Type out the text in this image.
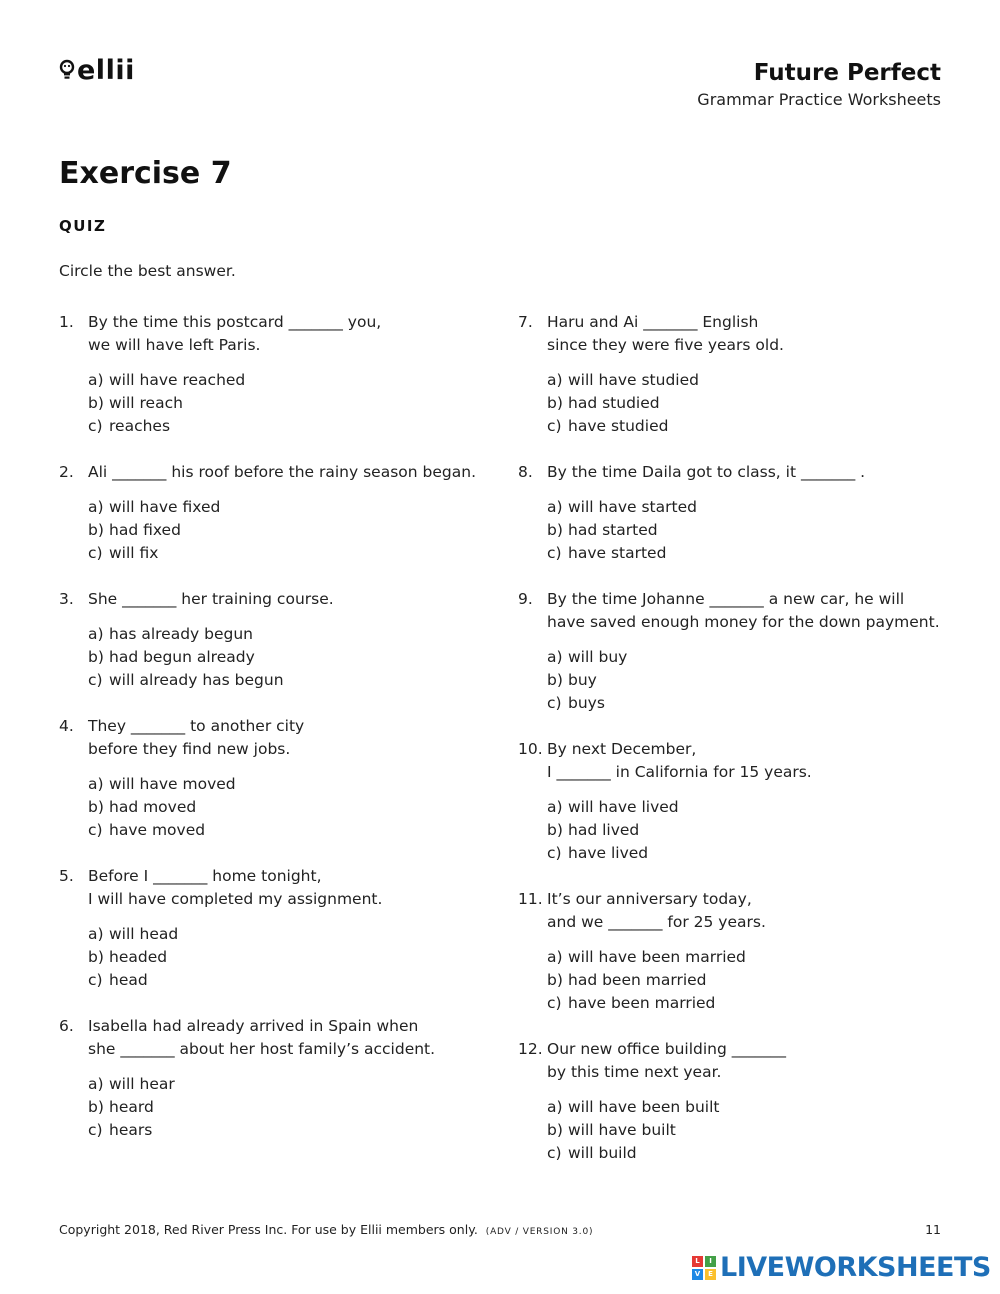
ellii	Future Perfect
Grammar Practice Worksheets
Exercise 7
QUIZ
Circle the best answer.
1. By the time this postcard _______ you,
we will have left Paris.
a) will have reached
b) will reach
c) reaches
2. Ali _______ his roof before the rainy season began.
a) will have fixed
b) had fixed
c) will fix
3. She _______ her training course.
a) has already begun
b) had begun already
c) will already has begun
4. They _______ to another city
before they find new jobs.
a) will have moved
b) had moved
c) have moved
5. Before I _______ home tonight,
I will have completed my assignment.
a) will head
b) headed
c) head
6. Isabella had already arrived in Spain when
she _______ about her host family’s accident.
a) will hear
b) heard
c) hears
7. Haru and Ai _______ English
since they were five years old.
a) will have studied
b) had studied
c) have studied
8. By the time Daila got to class, it _______ .
a) will have started
b) had started
c) have started
9. By the time Johanne _______ a new car, he will
have saved enough money for the down payment.
a) will buy
b) buy
c) buys
10. By next December,
I _______ in California for 15 years.
a) will have lived
b) had lived
c) have lived
11. It’s our anniversary today,
and we _______ for 25 years.
a) will have been married
b) had been married
c) have been married
12. Our new office building _______
by this time next year.
a) will have been built
b) will have built
c) will build
Copyright 2018, Red River Press Inc. For use by Ellii members only. (ADV / VERSION 3.0)	11
L	I
V	E LIVEWORKSHEETS
